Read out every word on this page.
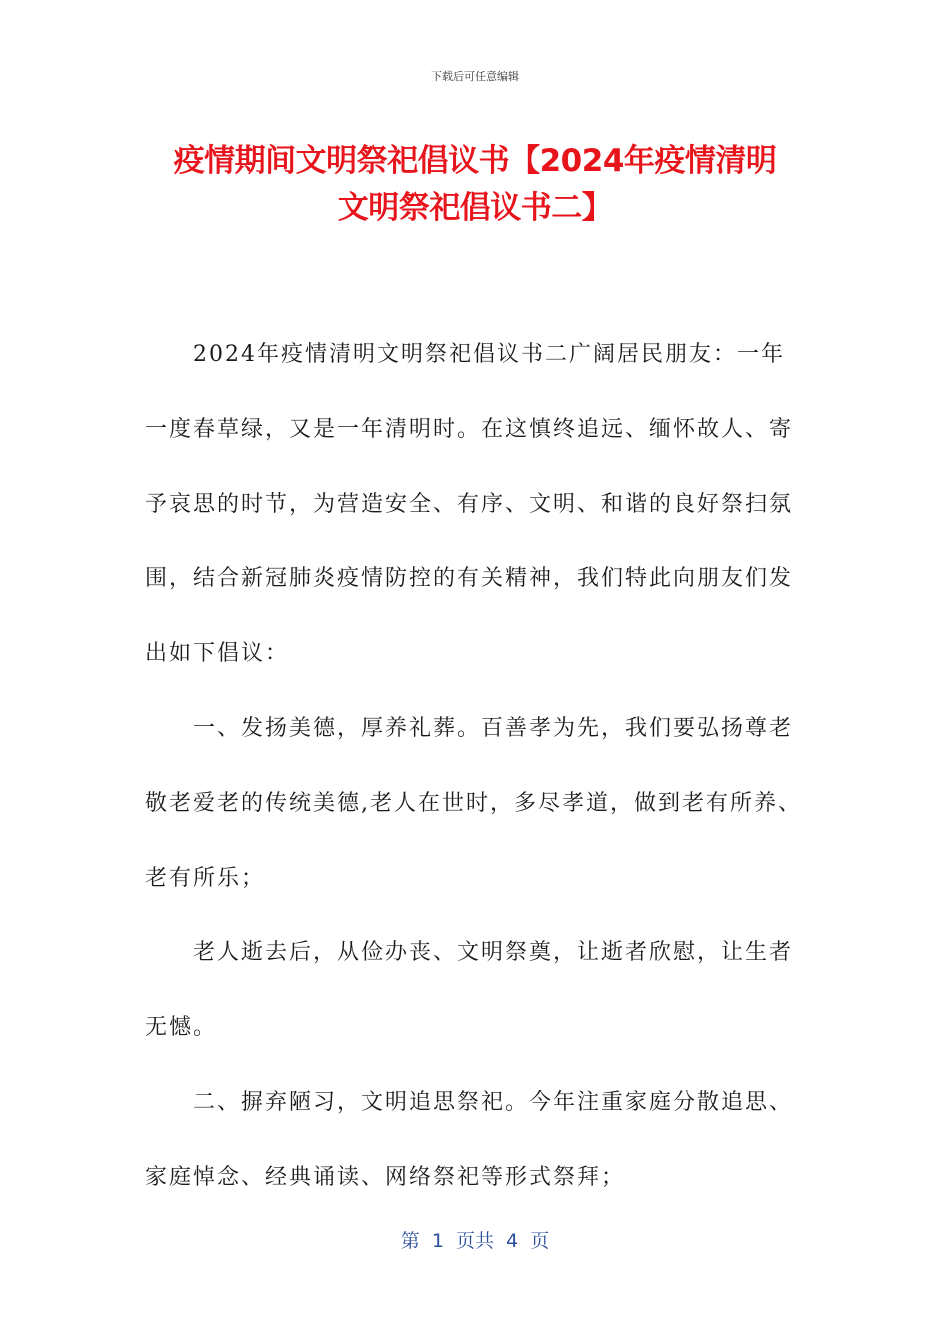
下载后可任意编辑
疫情期间文明祭祀倡议书【2024年疫情清明
文明祭祀倡议书二】

2024年疫情清明文明祭祀倡议书二广阔居民朋友：一年一度春草绿，又是一年清明时。在这慎终追远、缅怀故人、寄予哀思的时节，为营造安全、有序、文明、和谐的良好祭扫氛围，结合新冠肺炎疫情防控的有关精神，我们特此向朋友们发出如下倡议：

一、发扬美德，厚养礼葬。百善孝为先，我们要弘扬尊老敬老爱老的传统美德,老人在世时，多尽孝道，做到老有所养、老有所乐；

老人逝去后，从俭办丧、文明祭奠，让逝者欣慰，让生者无憾。

二、摒弃陋习，文明追思祭祀。今年注重家庭分散追思、家庭悼念、经典诵读、网络祭祀等形式祭拜；

第 1 页共 4 页
